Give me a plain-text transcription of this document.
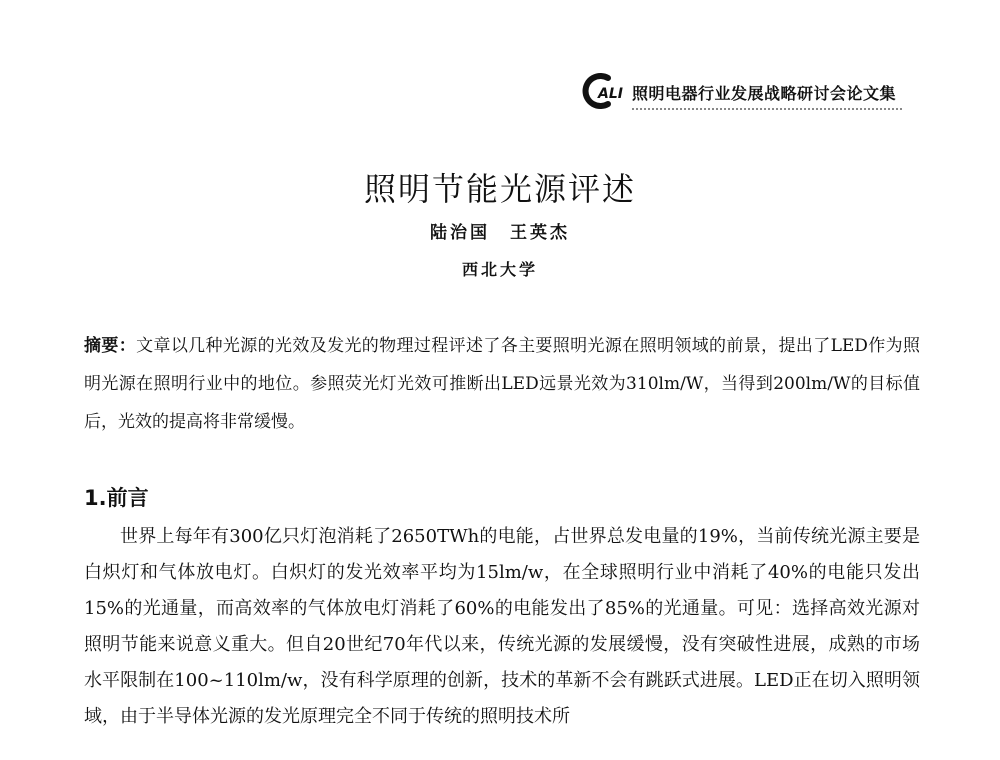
ALI 照明电器行业发展战略研讨会论文集
照明节能光源评述
陆治国　王英杰
西北大学
摘要：文章以几种光源的光效及发光的物理过程评述了各主要照明光源在照明领域的前景，提出了LED作为照明光源在照明行业中的地位。参照荧光灯光效可推断出LED远景光效为310lm/W，当得到200lm/W的目标值后，光效的提高将非常缓慢。
1.前言
世界上每年有300亿只灯泡消耗了2650TWh的电能，占世界总发电量的19%，当前传统光源主要是白炽灯和气体放电灯。白炽灯的发光效率平均为15lm/w，在全球照明行业中消耗了40%的电能只发出15%的光通量，而高效率的气体放电灯消耗了60%的电能发出了85%的光通量。可见：选择高效光源对照明节能来说意义重大。但自20世纪70年代以来，传统光源的发展缓慢，没有突破性进展，成熟的市场水平限制在100~110lm/w，没有科学原理的创新，技术的革新不会有跳跃式进展。LED正在切入照明领域，由于半导体光源的发光原理完全不同于传统的照明技术所
